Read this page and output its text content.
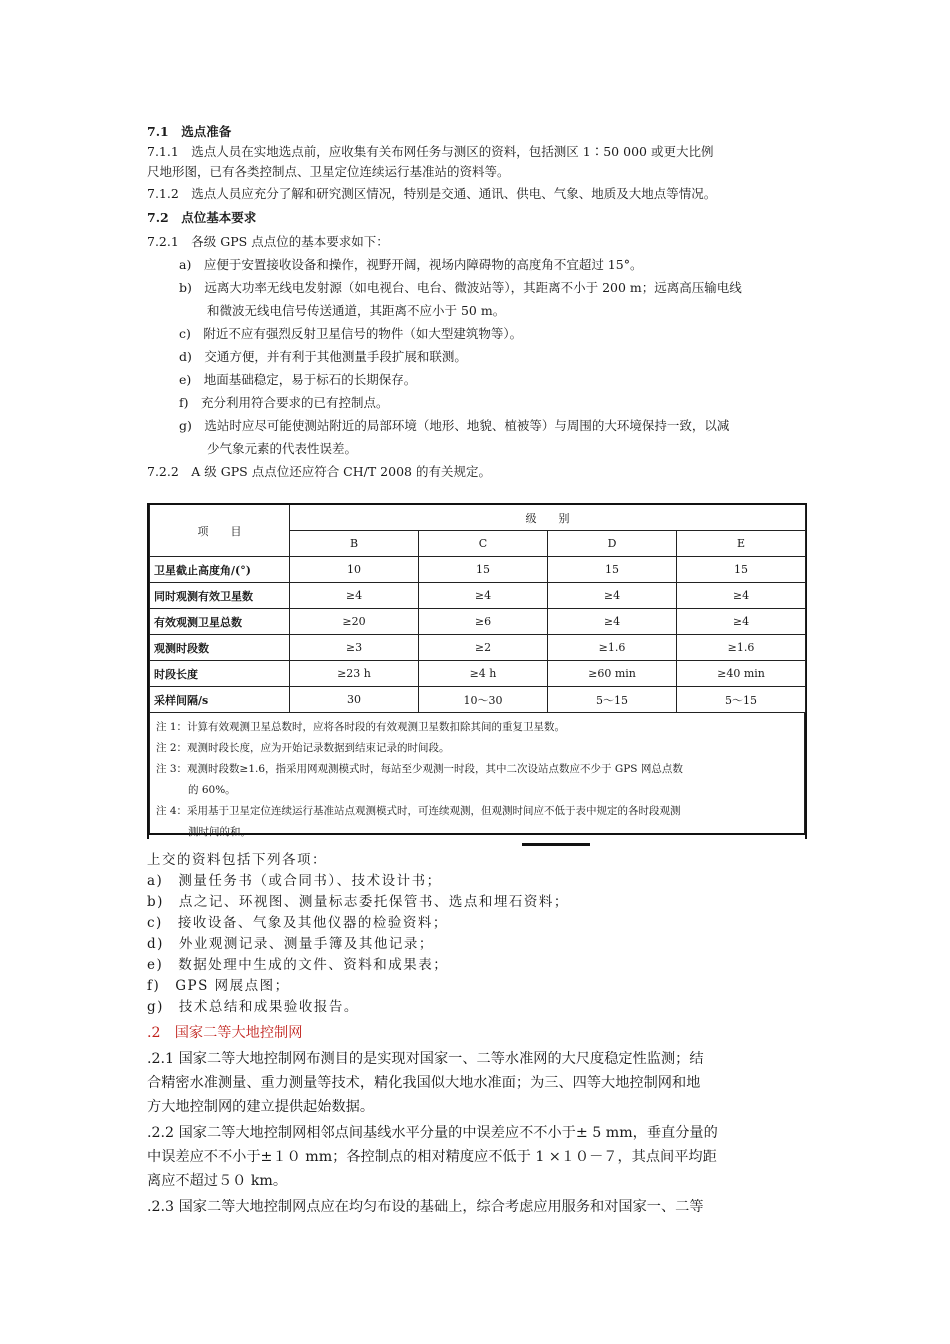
7.1　选点准备
7.1.1　选点人员在实地选点前，应收集有关布网任务与测区的资料，包括测区 1∶50 000 或更大比例
尺地形图，已有各类控制点、卫星定位连续运行基准站的资料等。
7.1.2　选点人员应充分了解和研究测区情况，特别是交通、通讯、供电、气象、地质及大地点等情况。
7.2　点位基本要求
7.2.1　各级 GPS 点点位的基本要求如下：
a)　应便于安置接收设备和操作，视野开阔，视场内障碍物的高度角不宜超过 15°。
b)　远离大功率无线电发射源（如电视台、电台、微波站等），其距离不小于 200 m；远离高压输电线
和微波无线电信号传送通道，其距离不应小于 50 m。
c)　附近不应有强烈反射卫星信号的物件（如大型建筑物等）。
d)　交通方便，并有利于其他测量手段扩展和联测。
e)　地面基础稳定，易于标石的长期保存。
f)　充分利用符合要求的已有控制点。
g)　选站时应尽可能使测站附近的局部环境（地形、地貌、植被等）与周围的大环境保持一致，以减
少气象元素的代表性误差。
7.2.2　A 级 GPS 点点位还应符合 CH/T 2008 的有关规定。
项　　目	级　　别			
	B	C	D	E
卫星截止高度角/(°)	10	15	15	15
同时观测有效卫星数	≥4	≥4	≥4	≥4
有效观测卫星总数	≥20	≥6	≥4	≥4
观测时段数	≥3	≥2	≥1.6	≥1.6
时段长度	≥23 h	≥4 h	≥60 min	≥40 min
采样间隔/s	30	10～30	5～15	5～15
注 1：计算有效观测卫星总数时，应将各时段的有效观测卫星数扣除其间的重复卫星数。
注 2：观测时段长度，应为开始记录数据到结束记录的时间段。
注 3：观测时段数≥1.6，指采用网观测模式时，每站至少观测一时段，其中二次设站点数应不少于 GPS 网总点数
的 60%。
注 4：采用基于卫星定位连续运行基准站点观测模式时，可连续观测，但观测时间应不低于表中规定的各时段观测
测时间的和。
上交的资料包括下列各项：
a)　测量任务书（或合同书）、技术设计书；
b)　点之记、环视图、测量标志委托保管书、选点和埋石资料；
c)　接收设备、气象及其他仪器的检验资料；
d)　外业观测记录、测量手簿及其他记录；
e)　数据处理中生成的文件、资料和成果表；
f)　GPS 网展点图；
g)　技术总结和成果验收报告。
.2　国家二等大地控制网
.2.1 国家二等大地控制网布测目的是实现对国家一、二等水准网的大尺度稳定性监测；结
合精密水准测量、重力测量等技术，精化我国似大地水准面；为三、四等大地控制网和地
方大地控制网的建立提供起始数据。
.2.2 国家二等大地控制网相邻点间基线水平分量的中误差应不不小于± 5 mm，垂直分量的
中误差应不不小于±１０ mm；各控制点的相对精度应不低于 1 ×１０－７，其点间平均距
离应不超过５０ km。
.2.3 国家二等大地控制网点应在均匀布设的基础上，综合考虑应用服务和对国家一、二等
